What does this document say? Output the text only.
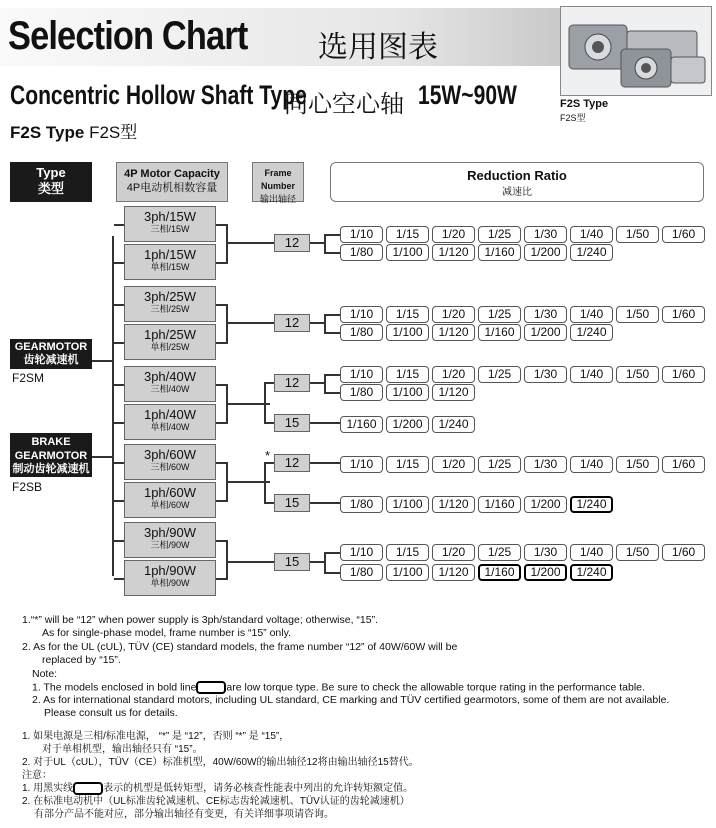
Selection Chart 选用图表
Concentric Hollow Shaft Type
同心空心轴 15W~90W
F2S Type F2S型
F2S Type
F2S型
Type
类型
4P Motor Capacity
4P电动机相数容量
Frame Number
输出轴径
Reduction Ratio
减速比
GEARMOTOR
齿轮减速机
F2SM
BRAKE GEARMOTOR
制动齿轮减速机
F2SB
3ph/15W
三相/15W
1ph/15W
单相/15W
3ph/25W
三相/25W
1ph/25W
单相/25W
3ph/40W
三相/40W
1ph/40W
单相/40W
3ph/60W
三相/60W
1ph/60W
单相/60W
3ph/90W
三相/90W
1ph/90W
单相/90W
12
12
12
15
12
*
15
15
1/10	1/15	1/20	1/25	1/30	1/40	1/50	1/60
1/80	1/100	1/120	1/160	1/200	1/240
1/10	1/15	1/20	1/25	1/30	1/40	1/50	1/60
1/80	1/100	1/120	1/160	1/200	1/240
1/10	1/15	1/20	1/25	1/30	1/40	1/50	1/60
1/80	1/100	1/120
1/160	1/200	1/240
1/10	1/15	1/20	1/25	1/30	1/40	1/50	1/60
1/80	1/100	1/120	1/160	1/200	1/240
1/10	1/15	1/20	1/25	1/30	1/40	1/50	1/60
1/80	1/100	1/120	1/160	1/200	1/240
1.“*” will be “12” when power supply is 3ph/standard voltage; otherwise, “15”.
As for single-phase model, frame number is “15” only.
2. As for the UL (cUL), TÜV (CE) standard models, the frame number “12” of 40W/60W will be
replaced by “15”.
Note:
1. The models enclosed in bold line	are low torque type. Be sure to check the allowable torque rating in the performance table.
2. As for international standard motors, including UL standard, CE marking and TÜV certified gearmotors, some of them are not available.
Please consult us for details.
1. 如果电源是三相/标准电源， “*” 是 “12”，否则 “*” 是 “15”，
对于单相机型，输出轴径只有 “15”。
2. 对于UL（cUL），TÜV（CE）标准机型，40W/60W的输出轴径12将由输出轴径15替代。
注意：
1. 用黑实线	表示的机型是低转矩型，请务必核查性能表中列出的允许转矩额定值。
2. 在标准电动机中（UL标准齿轮减速机、CE标志齿轮减速机、TÜV认证的齿轮减速机）
有部分产品不能对应，部分输出轴径有变更，有关详细事项请咨询。
